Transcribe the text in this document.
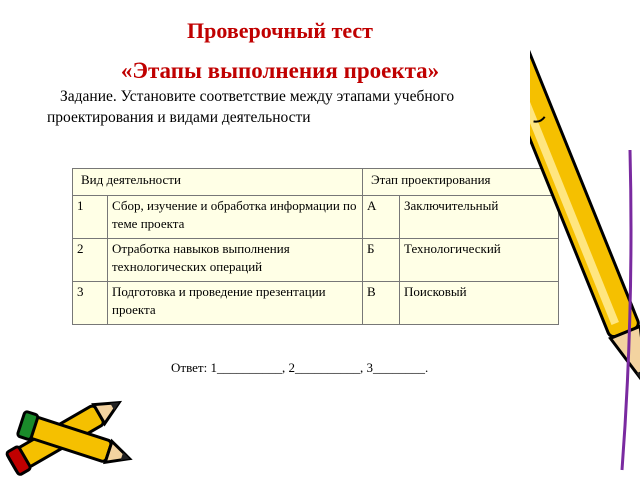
Проверочный тест
«Этапы выполнения проекта»
Задание. Установите соответствие между этапами учебного
проектирования и видами деятельности
Вид деятельности		Этап проектирования	
1	Сбор, изучение и обработка информации по теме проекта	А	Заключительный
2	Отработка навыков выполнения технологических операций	Б	Технологический
3	Подготовка и проведение презентации проекта	В	Поисковый
Ответ: 1__________, 2__________, 3________.
